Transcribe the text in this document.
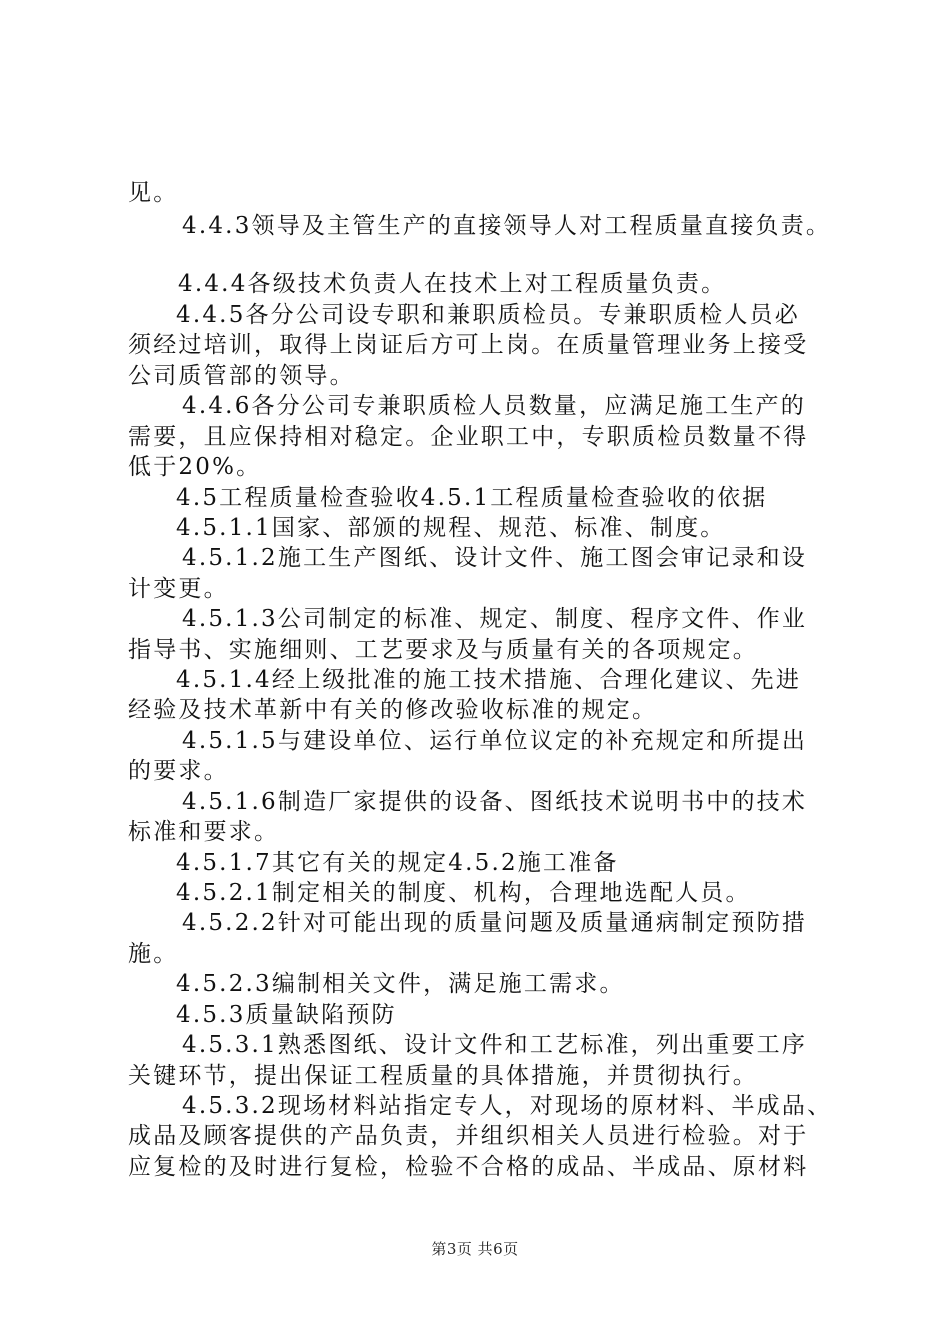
见。
4.4.3领导及主管生产的直接领导人对工程质量直接负责。
4.4.4各级技术负责人在技术上对工程质量负责。
4.4.5各分公司设专职和兼职质检员。专兼职质检人员必
须经过培训，取得上岗证后方可上岗。在质量管理业务上接受
公司质管部的领导。
4.4.6各分公司专兼职质检人员数量，应满足施工生产的
需要，且应保持相对稳定。企业职工中，专职质检员数量不得
低于20%。
4.5工程质量检查验收4.5.1工程质量检查验收的依据
4.5.1.1国家、部颁的规程、规范、标准、制度。
4.5.1.2施工生产图纸、设计文件、施工图会审记录和设
计变更。
4.5.1.3公司制定的标准、规定、制度、程序文件、作业
指导书、实施细则、工艺要求及与质量有关的各项规定。
4.5.1.4经上级批准的施工技术措施、合理化建议、先进
经验及技术革新中有关的修改验收标准的规定。
4.5.1.5与建设单位、运行单位议定的补充规定和所提出
的要求。
4.5.1.6制造厂家提供的设备、图纸技术说明书中的技术
标准和要求。
4.5.1.7其它有关的规定4.5.2施工准备
4.5.2.1制定相关的制度、机构，合理地选配人员。
4.5.2.2针对可能出现的质量问题及质量通病制定预防措
施。
4.5.2.3编制相关文件，满足施工需求。
4.5.3质量缺陷预防
4.5.3.1熟悉图纸、设计文件和工艺标准，列出重要工序
关键环节，提出保证工程质量的具体措施，并贯彻执行。
4.5.3.2现场材料站指定专人，对现场的原材料、半成品、
成品及顾客提供的产品负责，并组织相关人员进行检验。对于
应复检的及时进行复检，检验不合格的成品、半成品、原材料
第3页 共6页
